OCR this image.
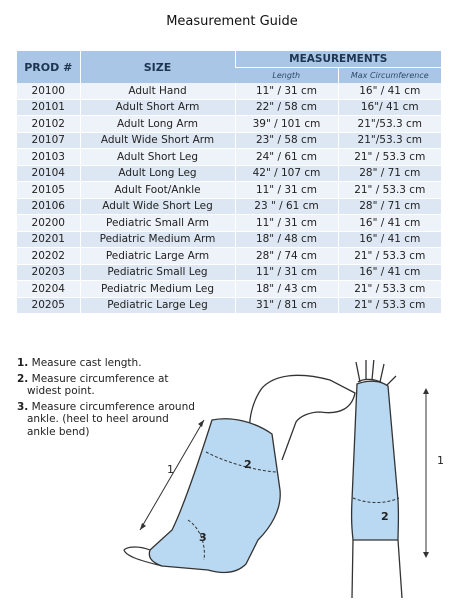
Measurement Guide
PROD #	SIZE	MEASUREMENTS	
		Length	Max Circumference
20100	Adult Hand	11" / 31 cm	16" / 41 cm
20101	Adult Short Arm	22" / 58 cm	16"/ 41 cm
20102	Adult Long Arm	39" / 101 cm	21"/53.3 cm
20107	Adult Wide Short Arm	23" / 58 cm	21"/53.3 cm
20103	Adult Short Leg	24" / 61 cm	21" / 53.3 cm
20104	Adult Long Leg	42" / 107 cm	28" / 71 cm
20105	Adult Foot/Ankle	11" / 31 cm	21" / 53.3 cm
20106	Adult Wide Short Leg	23 " / 61 cm	28" / 71 cm
20200	Pediatric Small Arm	11" / 31 cm	16" / 41 cm
20201	Pediatric Medium Arm	18" / 48 cm	16" / 41 cm
20202	Pediatric Large Arm	28" / 74 cm	21" / 53.3 cm
20203	Pediatric Small Leg	11" / 31 cm	16" / 41 cm
20204	Pediatric Medium Leg	18" / 43 cm	21" / 53.3 cm
20205	Pediatric Large Leg	31" / 81 cm	21" / 53.3 cm
1. Measure cast length.
2. Measure circumference at widest point.
3. Measure circumference around ankle. (heel to heel around ankle bend)
1	2
3
1
2
